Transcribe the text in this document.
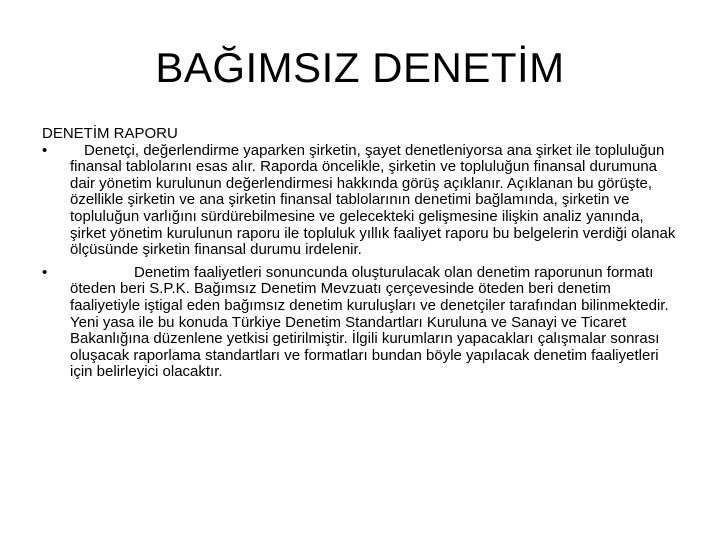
BAĞIMSIZ DENETİM

DENETİM RAPORU

•	Denetçi, değerlendirme yaparken şirketin, şayet denetleniyorsa ana şirket ile topluluğun finansal tablolarını esas alır. Raporda öncelikle, şirketin ve topluluğun finansal durumuna dair yönetim kurulunun değerlendirmesi hakkında görüş açıklanır. Açıklanan bu görüşte, özellikle şirketin ve ana şirketin finansal tablolarının denetimi bağlamında, şirketin ve topluluğun varlığını sürdürebilmesine ve gelecekteki gelişmesine ilişkin analiz yanında, şirket yönetim kurulunun raporu ile topluluk yıllık faaliyet raporu bu belgelerin verdiği olanak ölçüsünde şirketin finansal durumu irdelenir.
•	Denetim faaliyetleri sonuncunda oluşturulacak olan denetim raporunun formatı öteden beri S.P.K. Bağımsız Denetim Mevzuatı çerçevesinde öteden beri denetim faaliyetiyle iştigal eden bağımsız denetim kuruluşları ve denetçiler tarafından bilinmektedir. Yeni yasa ile bu konuda Türkiye Denetim Standartları Kuruluna ve Sanayi ve Ticaret Bakanlığına düzenlene yetkisi getirilmiştir. İlgili kurumların yapacakları çalışmalar sonrası oluşacak raporlama standartları ve formatları bundan böyle yapılacak denetim faaliyetleri için belirleyici olacaktır.
